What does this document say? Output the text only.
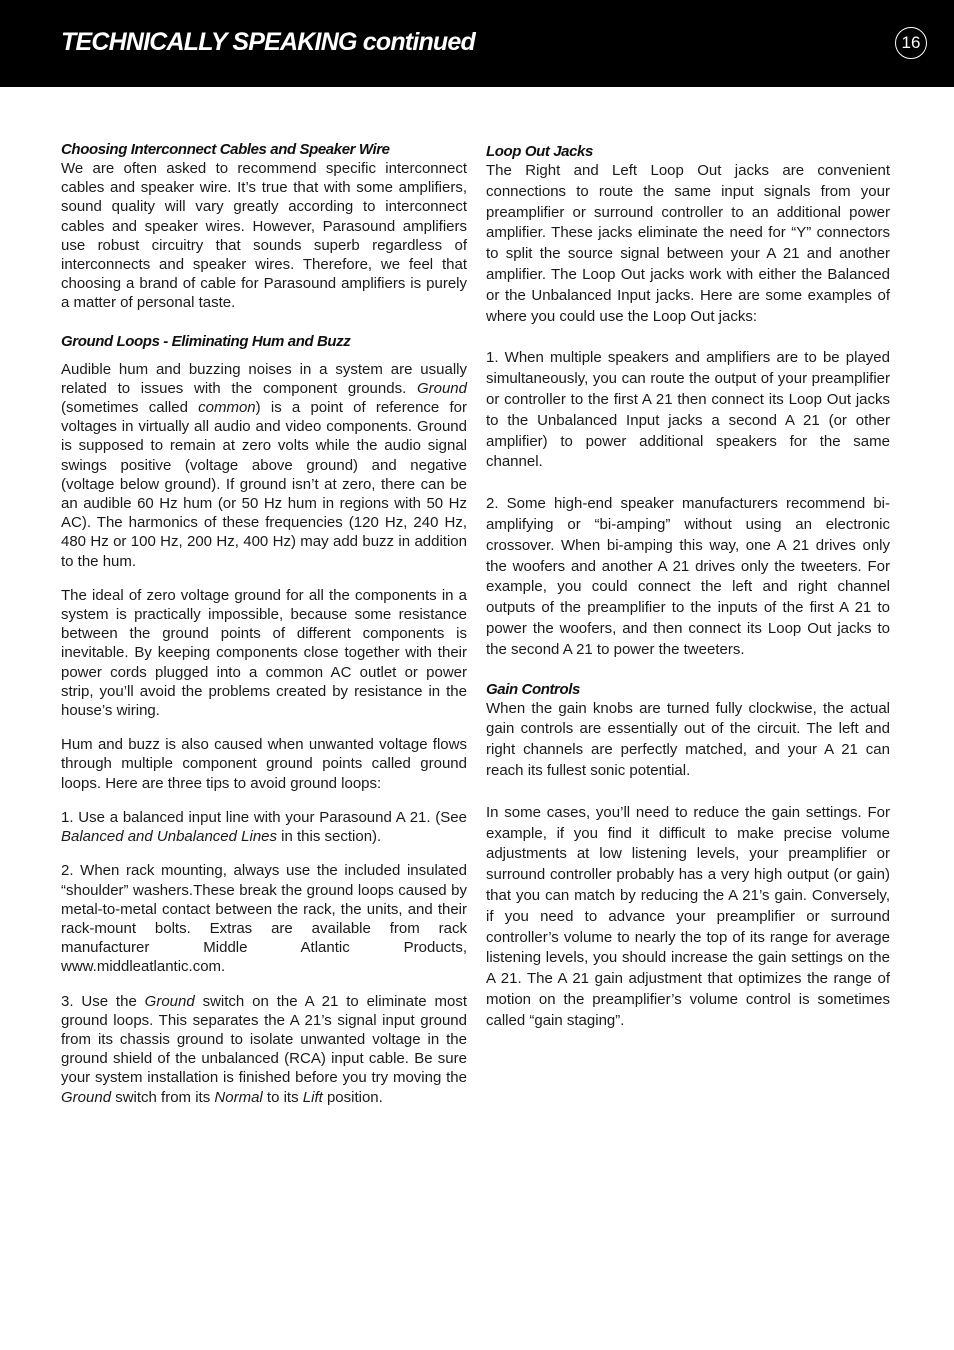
TECHNICALLY SPEAKING continued	16
Choosing Interconnect Cables and Speaker Wire

We are often asked to recommend specific interconnect cables and speaker wire. It’s true that with some amplifiers, sound quality will vary greatly according to interconnect cables and speaker wires. However, Parasound amplifiers use robust circuitry that sounds superb regardless of interconnects and speaker wires. Therefore, we feel that choosing a brand of cable for Parasound amplifiers is purely a matter of personal taste.

Ground Loops - Eliminating Hum and Buzz

Audible hum and buzzing noises in a system are usually related to issues with the component grounds. Ground (sometimes called common) is a point of reference for voltages in virtually all audio and video components. Ground is supposed to remain at zero volts while the audio signal swings positive (voltage above ground) and negative (voltage below ground). If ground isn’t at zero, there can be an audible 60 Hz hum (or 50 Hz hum in regions with 50 Hz AC). The harmonics of these frequencies (120 Hz, 240 Hz, 480 Hz or 100 Hz, 200 Hz, 400 Hz) may add buzz in addition to the hum.

The ideal of zero voltage ground for all the components in a system is practically impossible, because some resistance between the ground points of different components is inevitable. By keeping components close together with their power cords plugged into a common AC outlet or power strip, you’ll avoid the problems created by resistance in the house’s wiring.

Hum and buzz is also caused when unwanted voltage flows through multiple component ground points called ground loops. Here are three tips to avoid ground loops:

1. Use a balanced input line with your Parasound A 21. (See Balanced and Unbalanced Lines in this section).

2. When rack mounting, always use the included insulated “shoulder” washers.These break the ground loops caused by metal-to-metal contact between the rack, the units, and their rack-mount bolts. Extras are available from rack manufacturer Middle Atlantic Products, www.middleatlantic.com.

3. Use the Ground switch on the A 21 to eliminate most ground loops. This separates the A 21’s signal input ground from its chassis ground to isolate unwanted voltage in the ground shield of the unbalanced (RCA) input cable. Be sure your system installation is finished before you try moving the Ground switch from its Normal to its Lift position.

Loop Out Jacks

The Right and Left Loop Out jacks are convenient connections to route the same input signals from your preamplifier or surround controller to an additional power amplifier. These jacks eliminate the need for “Y” connectors to split the source signal between your A 21 and another amplifier. The Loop Out jacks work with either the Balanced or the Unbalanced Input jacks. Here are some examples of where you could use the Loop Out jacks:

1. When multiple speakers and amplifiers are to be played simultaneously, you can route the output of your preamplifier or controller to the first A 21 then connect its Loop Out jacks to the Unbalanced Input jacks a second A 21 (or other amplifier) to power additional speakers for the same channel.

2. Some high-end speaker manufacturers recommend bi-amplifying or “bi-amping” without using an electronic crossover. When bi-amping this way, one A 21 drives only the woofers and another A 21 drives only the tweeters. For example, you could connect the left and right channel outputs of the preamplifier to the inputs of the first A 21 to power the woofers, and then connect its Loop Out jacks to the second A 21 to power the tweeters.

Gain Controls

When the gain knobs are turned fully clockwise, the actual gain controls are essentially out of the circuit. The left and right channels are perfectly matched, and your A 21 can reach its fullest sonic potential.

In some cases, you’ll need to reduce the gain settings. For example, if you find it difficult to make precise volume adjustments at low listening levels, your preamplifier or surround controller probably has a very high output (or gain) that you can match by reducing the A 21’s gain. Conversely, if you need to advance your preamplifier or surround controller’s volume to nearly the top of its range for average listening levels, you should increase the gain settings on the A 21. The A 21 gain adjustment that optimizes the range of motion on the preamplifier’s volume control is sometimes called “gain staging”.
